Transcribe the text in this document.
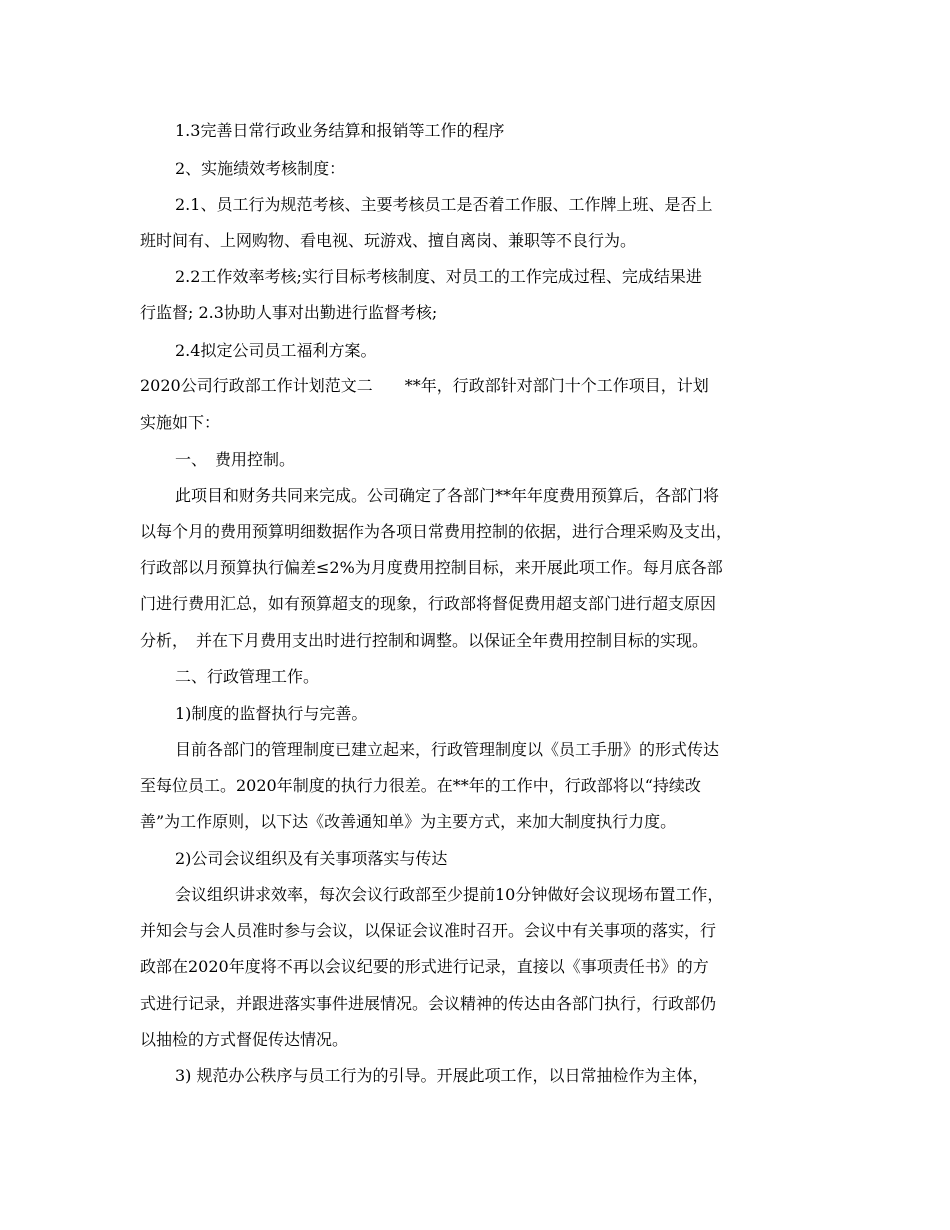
1.3完善日常行政业务结算和报销等工作的程序
2、实施绩效考核制度：
2.1、员工行为规范考核、主要考核员工是否着工作服、工作牌上班、是否上
班时间有、上网购物、看电视、玩游戏、擅自离岗、兼职等不良行为。
2.2工作效率考核;实行目标考核制度、对员工的工作完成过程、完成结果进
行监督; 2.3协助人事对出勤进行监督考核;
2.4拟定公司员工福利方案。
2020公司行政部工作计划范文二　　**年，行政部针对部门十个工作项目，计划
实施如下：
一、　费用控制。
此项目和财务共同来完成。公司确定了各部门**年年度费用预算后，各部门将
以每个月的费用预算明细数据作为各项日常费用控制的依据，进行合理采购及支出，
行政部以月预算执行偏差≤2%为月度费用控制目标，来开展此项工作。每月底各部
门进行费用汇总，如有预算超支的现象，行政部将督促费用超支部门进行超支原因
分析，　并在下月费用支出时进行控制和调整。以保证全年费用控制目标的实现。
二、行政管理工作。
1)制度的监督执行与完善。
目前各部门的管理制度已建立起来，行政管理制度以《员工手册》的形式传达
至每位员工。2020年制度的执行力很差。在**年的工作中，行政部将以“持续改
善”为工作原则，以下达《改善通知单》为主要方式，来加大制度执行力度。
2)公司会议组织及有关事项落实与传达
会议组织讲求效率，每次会议行政部至少提前10分钟做好会议现场布置工作，
并知会与会人员准时参与会议，以保证会议准时召开。会议中有关事项的落实，行
政部在2020年度将不再以会议纪要的形式进行记录，直接以《事项责任书》的方
式进行记录，并跟进落实事件进展情况。会议精神的传达由各部门执行，行政部仍
以抽检的方式督促传达情况。
3) 规范办公秩序与员工行为的引导。开展此项工作，以日常抽检作为主体，
